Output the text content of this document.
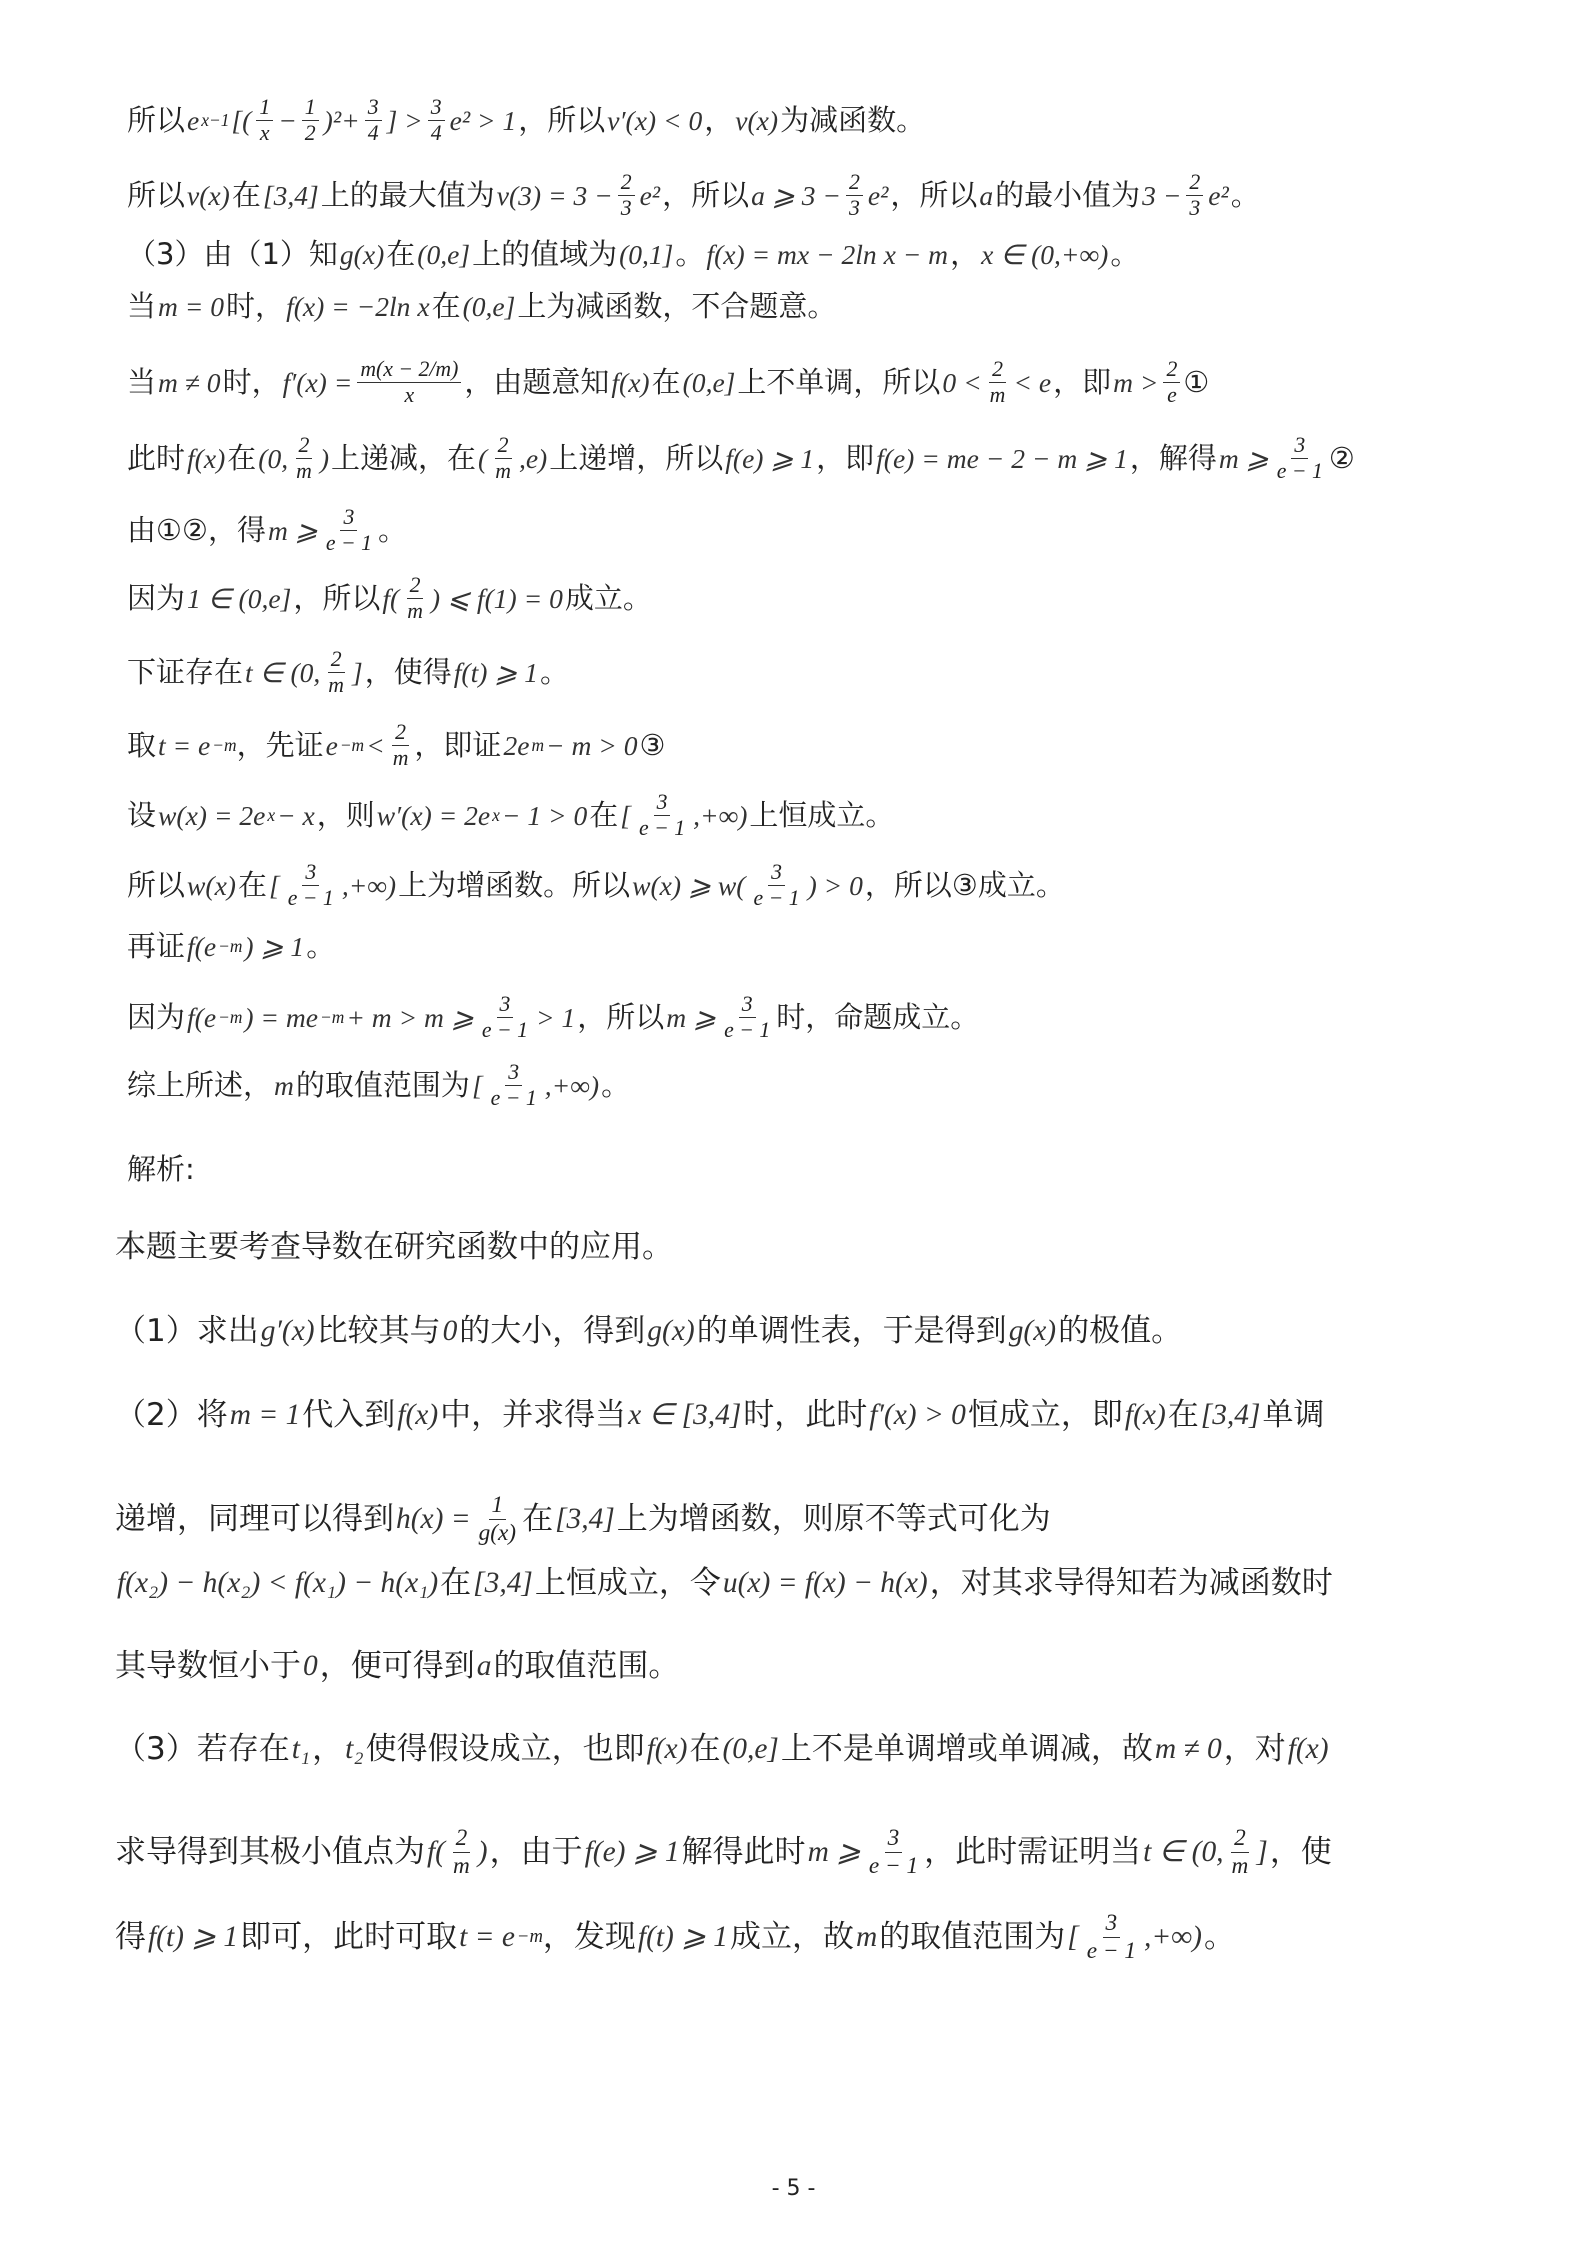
所以 e x−1 [( $\frac{1}{x} - \frac{1}{2} )^2+ \frac{3}{4}$ ] > $\frac{3}{4} e^2 > 1$ ，所以 v′(x) < 0 ， v(x) 为减函数。
所以 v(x) 在 [3,4] 上的最大值为 $v(3) = 3 - \frac{2}{3} e^2$ ，所以 a ⩾ $3 - \frac{2}{3} e^2$ ，所以 a 的最小值为 $3 - \frac{2}{3} e^2$ 。
（3）由（1）知 g(x) 在 (0,e] 上的值域为 (0,1] 。 f(x) = mx − 2ln x − m ， x ∈ (0,+∞) 。
当 m = 0 时， f(x) = −2ln x 在 (0,e] 上为减函数，不合题意。
当 m ≠ 0 时， $f'(x) = \frac{m(x - 2/m)}{x}$ ，由题意知 f(x) 在 (0,e] 上不单调，所以 $0 < \frac{2}{m} < e$ ，即 $m > \frac{2}{e}$ ①
此时 f(x) 在 (0, $\frac{2}{m}$ ) 上递减，在 ( $\frac{2}{m} ,e$) 上递增，所以 f(e) ⩾ 1 ，即 f(e) = me − 2 − m ⩾ 1 ，解得 m ⩾ $\frac{3}{e - 1}$ ②
由①②，得 m ⩾ $\frac{3}{e - 1}$ 。
因为 1 ∈ (0,e] ，所以 $f( \frac{2}{m}$ ) ⩽ f(1) = 0 成立。
下证存在 t ∈ (0, $\frac{2}{m}$ ] ，使得 f(t) ⩾ 1 。
取 t = e −m ，先证 $e -m < \frac{2}{m}$ ，即证 2e m − m > 0 ③
设 w(x) = 2e x − x ，则 w′(x) = 2e x − 1 > 0 在 [ $\frac{3}{e - 1}$ ,+∞) 上恒成立。
所以 w(x) 在 [ $\frac{3}{e - 1}$ ,+∞) 上为增函数。所以 w(x) ⩾ $w( \frac{3}{e - 1}$ ) > 0 ，所以③成立。
再证 f(e −m ) ⩾ 1 。
因为 f(e −m ) = me −m + m > m ⩾ $\frac{3}{e - 1} > 1$ ，所以 m ⩾ $\frac{3}{e - 1}$ 时，命题成立。
综上所述， m 的取值范围为 [ $\frac{3}{e - 1}$ ,+∞) 。
解析:
本题主要考查导数在研究函数中的应用。
（1）求出 g′(x) 比较其与 0 的大小，得到 g(x) 的单调性表，于是得到 g(x) 的极值。
（2）将 m = 1 代入到 f(x) 中，并求得当 x ∈ [3,4] 时，此时 f′(x) > 0 恒成立，即 f(x) 在 [3,4] 单调
递增，同理可以得到 $h(x) = \frac{1}{g(x)}$ 在 [3,4] 上为增函数，则原不等式可化为
f(x₂) − h(x₂) < f(x₁) − h(x₁) 在 [3,4] 上恒成立，令 u(x) = f(x) − h(x) ，对其求导得知若为减函数时
其导数恒小于 0 ，便可得到 a 的取值范围。
（3）若存在 t₁ ， t₂ 使得假设成立，也即 f(x) 在 (0,e] 上不是单调增或单调减，故 m ≠ 0 ，对 f(x)
求导得到其极小值点为 $f( \frac{2}{m}$ ) ，由于 f(e) ⩾ 1 解得此时 m ⩾ $\frac{3}{e - 1}$ ，此时需证明当 t ∈ (0, $\frac{2}{m}$ ] ，使
得 f(t) ⩾ 1 即可，此时可取 t = e −m ，发现 f(t) ⩾ 1 成立，故 m 的取值范围为 [ $\frac{3}{e - 1}$ ,+∞) 。
- 5 -
